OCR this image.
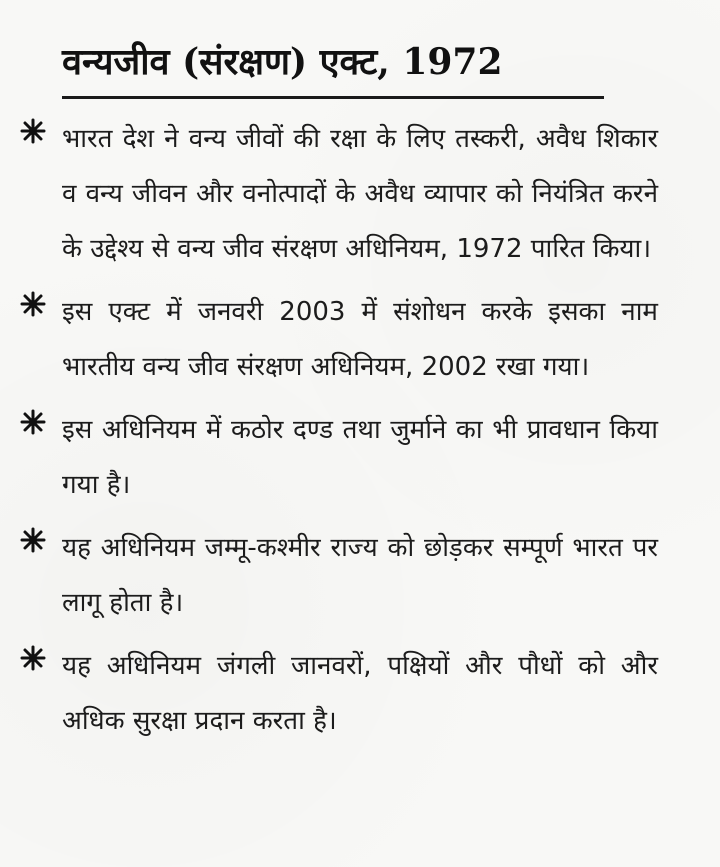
वन्यजीव (संरक्षण) एक्ट, 1972
भारत देश ने वन्य जीवों की रक्षा के लिए तस्करी, अवैध शिकार व वन्य जीवन और वनोत्पादों के अवैध व्यापार को नियंत्रित करने के उद्देश्य से वन्य जीव संरक्षण अधिनियम, 1972 पारित किया।
इस एक्ट में जनवरी 2003 में संशोधन करके इसका नाम भारतीय वन्य जीव संरक्षण अधिनियम, 2002 रखा गया।
इस अधिनियम में कठोर दण्ड तथा जुर्माने का भी प्रावधान किया गया है।
यह अधिनियम जम्मू-कश्मीर राज्य को छोड़कर सम्पूर्ण भारत पर लागू होता है।
यह अधिनियम जंगली जानवरों, पक्षियों और पौधों को और अधिक सुरक्षा प्रदान करता है।
